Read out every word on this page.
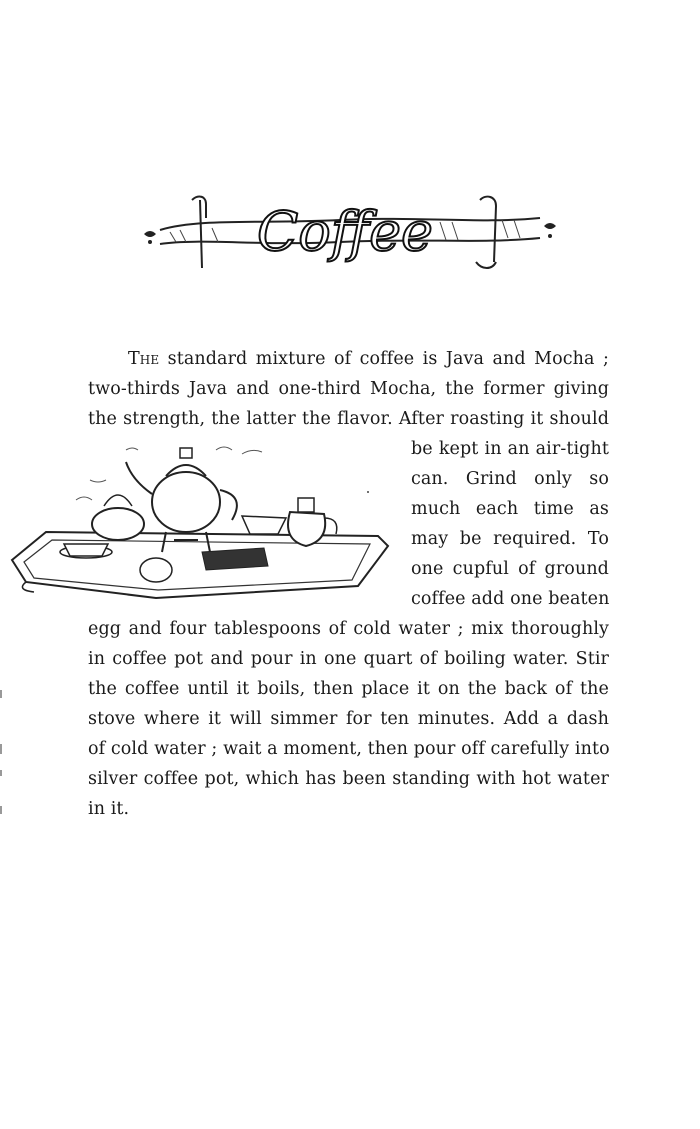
Coffee
The standard mixture of coffee is Java and Mocha ;
two-thirds Java and one-third Mocha, the former giving
the strength, the latter the flavor. After roasting it should
be kept in an air-tight
can. Grind only so
much each time as
may be required. To
one cupful of ground
coffee add one beaten
egg and four tablespoons of cold water ; mix thoroughly
in coffee pot and pour in one quart of boiling water. Stir
the coffee until it boils, then place it on the back of the
stove where it will simmer for ten minutes. Add a dash
of cold water ; wait a moment, then pour off carefully into
silver coffee pot, which has been standing with hot water
in it.
